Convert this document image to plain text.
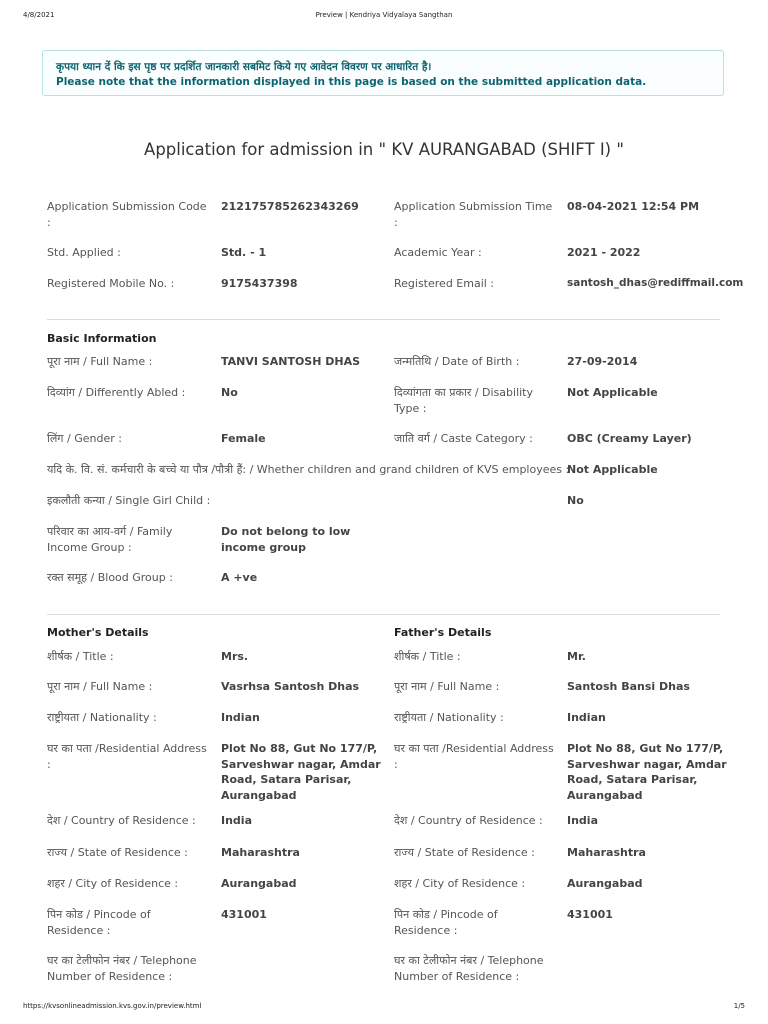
4/8/2021	Preview | Kendriya Vidyalaya Sangthan
कृपया ध्यान दें कि इस पृष्ठ पर प्रदर्शित जानकारी सबमिट किये गए आवेदन विवरण पर आधारित है।
Please note that the information displayed in this page is based on the submitted application data.
Application for admission in " KV AURANGABAD (SHIFT I) "
Application Submission Code :
212175785262343269	Application Submission Time :
08-04-2021 12:54 PM
Std. Applied :	Std. - 1	Academic Year :	2021 - 2022
Registered Mobile No. :	9175437398	Registered Email :	santosh_dhas@rediffmail.com
Basic Information
पूरा नाम / Full Name :	TANVI SANTOSH DHAS	जन्मतिथि / Date of Birth :	27-09-2014
दिव्यांग / Differently Abled :	No	दिव्यांगता का प्रकार / Disability Type :
Not Applicable
लिंग / Gender :	Female	जाति वर्ग / Caste Category :	OBC (Creamy Layer)
यदि के. वि. सं. कर्मचारी के बच्चे या पौत्र /पौत्री हैं: / Whether children and grand children of KVS employees :
Not Applicable
इकलौती कन्या / Single Girl Child :	No
परिवार का आय-वर्ग / Family Income Group :
Do not belong to low income group
रक्त समूह / Blood Group :	A +ve
Mother's Details
शीर्षक / Title :	Mrs.
पूरा नाम / Full Name :	Vasrhsa Santosh Dhas
राष्ट्रीयता / Nationality :	Indian
घर का पता /Residential Address :
Plot No 88, Gut No 177/P, Sarveshwar nagar, Amdar Road, Satara Parisar, Aurangabad
देश / Country of Residence :	India
राज्य / State of Residence :	Maharashtra
शहर / City of Residence :	Aurangabad
पिन कोड / Pincode of Residence :
431001
घर का टेलीफोन नंबर / Telephone Number of Residence :
Father's Details
शीर्षक / Title :	Mr.
पूरा नाम / Full Name :	Santosh Bansi Dhas
राष्ट्रीयता / Nationality :	Indian
घर का पता /Residential Address :
Plot No 88, Gut No 177/P, Sarveshwar nagar, Amdar Road, Satara Parisar, Aurangabad
देश / Country of Residence :	India
राज्य / State of Residence :	Maharashtra
शहर / City of Residence :	Aurangabad
पिन कोड / Pincode of Residence :
431001
घर का टेलीफोन नंबर / Telephone Number of Residence :
https://kvsonlineadmission.kvs.gov.in/preview.html	1/5
